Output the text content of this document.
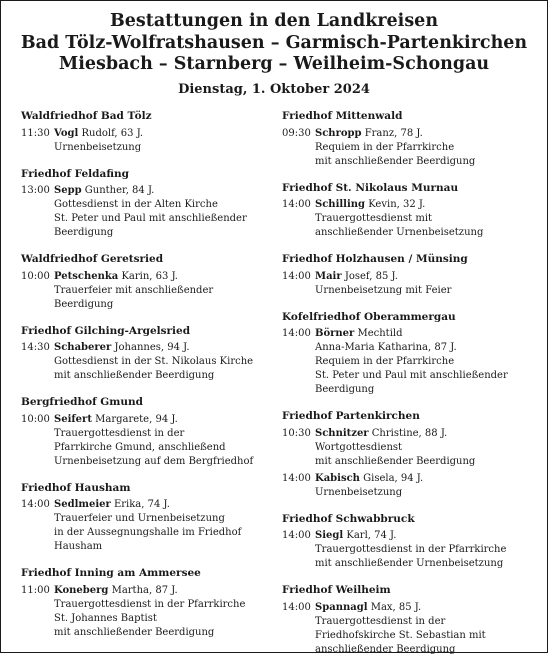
Bestattungen in den Landkreisen
Bad Tölz-Wolfratshausen – Garmisch-Partenkirchen
Miesbach – Starnberg – Weilheim-Schongau
Dienstag, 1. Oktober 2024
Waldfriedhof Bad Tölz
11:30 Vogl Rudolf, 63 J.
Urnenbeisetzung
Friedhof Feldafing
13:00 Sepp Gunther, 84 J.
Gottesdienst in der Alten Kirche
St. Peter und Paul mit anschließender
Beerdigung
Waldfriedhof Geretsried
10:00 Petschenka Karin, 63 J.
Trauerfeier mit anschließender
Beerdigung
Friedhof Gilching-Argelsried
14:30 Schaberer Johannes, 94 J.
Gottesdienst in der St. Nikolaus Kirche
mit anschließender Beerdigung
Bergfriedhof Gmund
10:00 Seifert Margarete, 94 J.
Trauergottesdienst in der
Pfarrkirche Gmund, anschließend
Urnenbeisetzung auf dem Bergfriedhof
Friedhof Hausham
14:00 Sedlmeier Erika, 74 J.
Trauerfeier und Urnenbeisetzung
in der Aussegnungshalle im Friedhof
Hausham
Friedhof Inning am Ammersee
11:00 Koneberg Martha, 87 J.
Trauergottesdienst in der Pfarrkirche
St. Johannes Baptist
mit anschließender Beerdigung
Friedhof Mittenwald
09:30 Schropp Franz, 78 J.
Requiem in der Pfarrkirche
mit anschließender Beerdigung
Friedhof St. Nikolaus Murnau
14:00 Schilling Kevin, 32 J.
Trauergottesdienst mit
anschließender Urnenbeisetzung
Friedhof Holzhausen / Münsing
14:00 Mair Josef, 85 J.
Urnenbeisetzung mit Feier
Kofelfriedhof Oberammergau
14:00 Börner Mechtild
Anna-Maria Katharina, 87 J.
Requiem in der Pfarrkirche
St. Peter und Paul mit anschließender
Beerdigung
Friedhof Partenkirchen
10:30 Schnitzer Christine, 88 J.
Wortgottesdienst
mit anschließender Beerdigung
14:00 Kabisch Gisela, 94 J.
Urnenbeisetzung
Friedhof Schwabbruck
14:00 Siegl Karl, 74 J.
Trauergottesdienst in der Pfarrkirche
mit anschließender Urnenbeisetzung
Friedhof Weilheim
14:00 Spannagl Max, 85 J.
Trauergottesdienst in der
Friedhofskirche St. Sebastian mit
anschließender Beerdigung
